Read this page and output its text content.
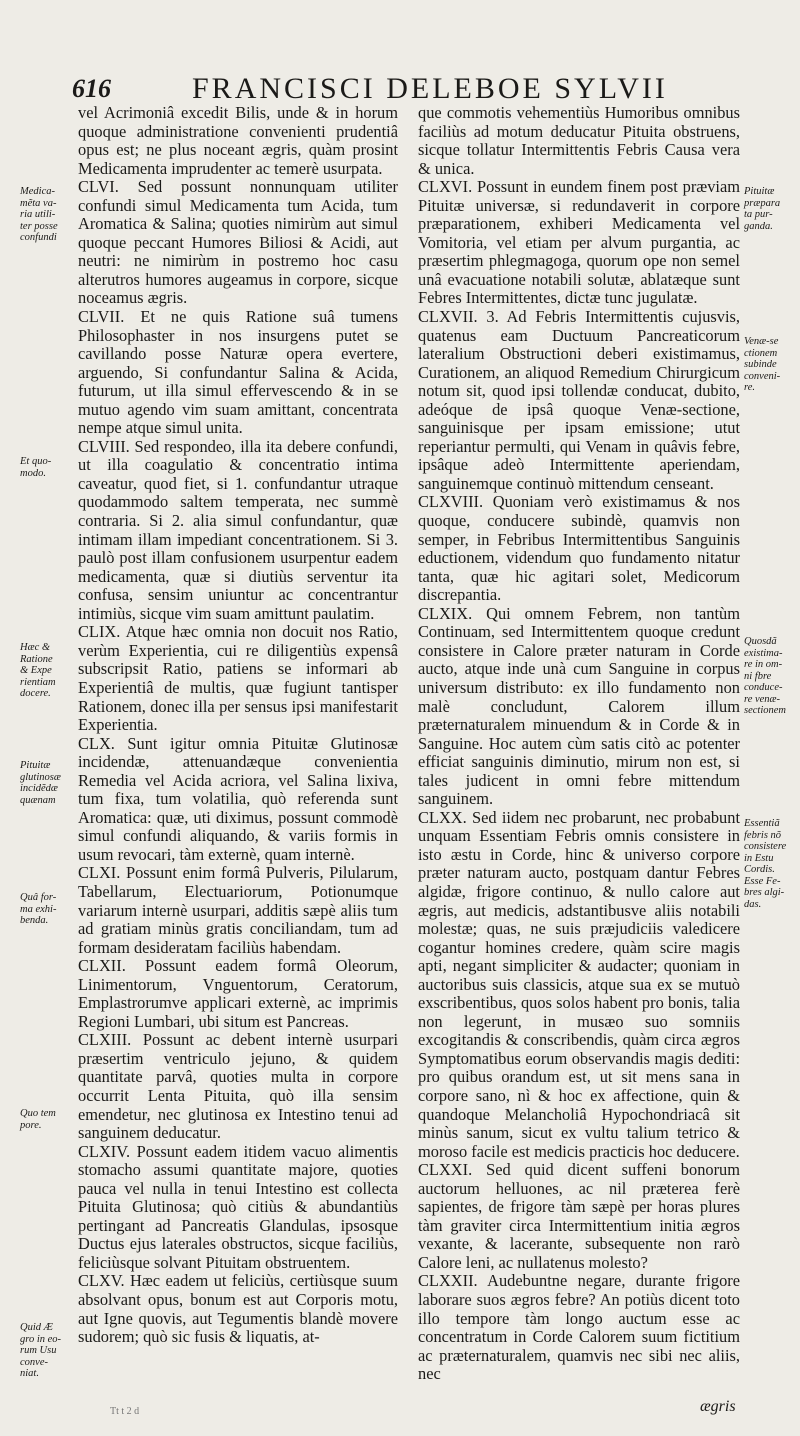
616	FRANCISCI DELEBOE SYLVII

vel Acrimoniâ excedit Bilis, unde & in horum quoque administratione convenienti prudentiâ opus est; ne plus noceant ægris, quàm prosint Medicamenta imprudenter ac temerè usurpata.

CLVI. Sed possunt nonnunquam utiliter confundi simul Medicamenta tum Acida, tum Aromatica & Salina; quoties nimirùm aut simul quoque peccant Humores Biliosi & Acidi, aut neutri: ne nimirùm in postremo hoc casu alterutros humores augeamus in corpore, sicque noceamus ægris.

CLVII. Et ne quis Ratione suâ tumens Philosophaster in nos insurgens putet se cavillando posse Naturæ opera evertere, arguendo, Si confundantur Salina & Acida, futurum, ut illa simul effervescendo & in se mutuo agendo vim suam amittant, concentrata nempe atque simul unita.

CLVIII. Sed respondeo, illa ita debere confundi, ut illa coagulatio & concentratio intima caveatur, quod fiet, si 1. confundantur utraque quodammodo saltem temperata, nec summè contraria. Si 2. alia simul confundantur, quæ intimam illam impediant concentrationem. Si 3. paulò post illam confusionem usurpentur eadem medicamenta, quæ si diutiùs serventur ita confusa, sensim uniuntur ac concentrantur intimiùs, sicque vim suam amittunt paulatim.

CLIX. Atque hæc omnia non docuit nos Ratio, verùm Experientia, cui re diligentiùs expensâ subscripsit Ratio, patiens se informari ab Experientiâ de multis, quæ fugiunt tantisper Rationem, donec illa per sensus ipsi manifestarit Experientia.

CLX. Sunt igitur omnia Pituitæ Glutinosæ incidendæ, attenuandæque convenientia Remedia vel Acida acriora, vel Salina lixiva, tum fixa, tum volatilia, quò referenda sunt Aromatica: quæ, uti diximus, possunt commodè simul confundi aliquando, & variis formis in usum revocari, tàm externè, quam internè.

CLXI. Possunt enim formâ Pulveris, Pilularum, Tabellarum, Electuariorum, Potionumque variarum internè usurpari, additis sæpè aliis tum ad gratiam minùs gratis conciliandam, tum ad formam desideratam faciliùs habendam.

CLXII. Possunt eadem formâ Oleorum, Linimentorum, Vnguentorum, Ceratorum, Emplastrorumve applicari externè, ac imprimis Regioni Lumbari, ubi situm est Pancreas.

CLXIII. Possunt ac debent internè usurpari præsertim ventriculo jejuno, & quidem quantitate parvâ, quoties multa in corpore occurrit Lenta Pituita, quò illa sensim emendetur, nec glutinosa ex Intestino tenui ad sanguinem deducatur.

CLXIV. Possunt eadem itidem vacuo alimentis stomacho assumi quantitate majore, quoties pauca vel nulla in tenui Intestino est collecta Pituita Glutinosa; quò citiùs & abundantiùs pertingant ad Pancreatis Glandulas, ipsosque Ductus ejus laterales obstructos, sicque faciliùs, feliciùsque solvant Pituitam obstruentem.

CLXV. Hæc eadem ut feliciùs, certiùsque suum absolvant opus, bonum est aut Corporis motu, aut Igne quovis, aut Tegumentis blandè movere sudorem; quò sic fusis & liquatis, at-

que commotis vehementiùs Humoribus omnibus faciliùs ad motum deducatur Pituita obstruens, sicque tollatur Intermittentis Febris Causa vera & unica.

CLXVI. Possunt in eundem finem post præviam Pituitæ universæ, si redundaverit in corpore præparationem, exhiberi Medicamenta vel Vomitoria, vel etiam per alvum purgantia, ac præsertim phlegmagoga, quorum ope non semel unâ evacuatione notabili solutæ, ablatæque sunt Febres Intermittentes, dictæ tunc jugulatæ.

CLXVII. 3. Ad Febris Intermittentis cujusvis, quatenus eam Ductuum Pancreaticorum lateralium Obstructioni deberi existimamus, Curationem, an aliquod Remedium Chirurgicum notum sit, quod ipsi tollendæ conducat, dubito, adeóque de ipsâ quoque Venæ-sectione, sanguinisque per ipsam emissione; utut reperiantur permulti, qui Venam in quâvis febre, ipsâque adeò Intermittente aperiendam, sanguinemque continuò mittendum censeant.

CLXVIII. Quoniam verò existimamus & nos quoque, conducere subindè, quamvis non semper, in Febribus Intermittentibus Sanguinis eductionem, videndum quo fundamento nitatur tanta, quæ hic agitari solet, Medicorum discrepantia.

CLXIX. Qui omnem Febrem, non tantùm Continuam, sed Intermittentem quoque credunt consistere in Calore præter naturam in Corde aucto, atque inde unà cum Sanguine in corpus universum distributo: ex illo fundamento non malè concludunt, Calorem illum præternaturalem minuendum & in Corde & in Sanguine. Hoc autem cùm satis citò ac potenter efficiat sanguinis diminutio, mirum non est, si tales judicent in omni febre mittendum sanguinem.

CLXX. Sed iidem nec probarunt, nec probabunt unquam Essentiam Febris omnis consistere in isto æstu in Corde, hinc & universo corpore præter naturam aucto, postquam dantur Febres algidæ, frigore continuo, & nullo calore aut ægris, aut medicis, adstantibusve aliis notabili molestæ; quas, ne suis præjudiciis valedicere cogantur homines credere, quàm scire magis apti, negant simpliciter & audacter; quoniam in auctoribus suis classicis, atque sua ex se mutuò exscribentibus, quos solos habent pro bonis, talia non legerunt, in musæo suo somniis excogitandis & conscribendis, quàm circa ægros Symptomatibus eorum observandis magis dediti: pro quibus orandum est, ut sit mens sana in corpore sano, nì & hoc ex affectione, quin & quandoque Melancholiâ Hypochondriacâ sit minùs sanum, sicut ex vultu talium tetrico & moroso facile est medicis practicis hoc deducere.

CLXXI. Sed quid dicent suffeni bonorum auctorum helluones, ac nil præterea ferè sapientes, de frigore tàm sæpè per horas plures tàm graviter circa Intermittentium initia ægros vexante, & lacerante, subsequente non rarò Calore leni, ac nullatenus molesto?

CLXXII. Audebuntne negare, durante frigore laborare suos ægros febre? An potiùs dicent toto illo tempore tàm longo auctum esse ac concentratum in Corde Calorem suum fictitium ac præternaturalem, quamvis nec sibi nec aliis, nec

Medica-
mẽta va-
ria utili-
ter posse
confundi
Et quo-
modo.
Hæc &
Ratione
& Expe
rientiam
docere.
Pituitæ
glutinosæ
incidẽdæ
quænam
Quâ for-
ma exhi-
benda.
Quo tem
pore.
Quid Æ
gro in eo-
rum Usu
conve-
niat.
Pituitæ
præpara
ta pur-
ganda.
Venæ-se
ctionem
subinde
conveni-
re.
Quosdã
existima-
re in om-
ni fbre
conduce-
re venæ-
sectionem
Essentiã
febris nõ
consistere
in Estu
Cordis.
Esse Fe-
bres algi-
das.
ægris
Tt t 2 d
